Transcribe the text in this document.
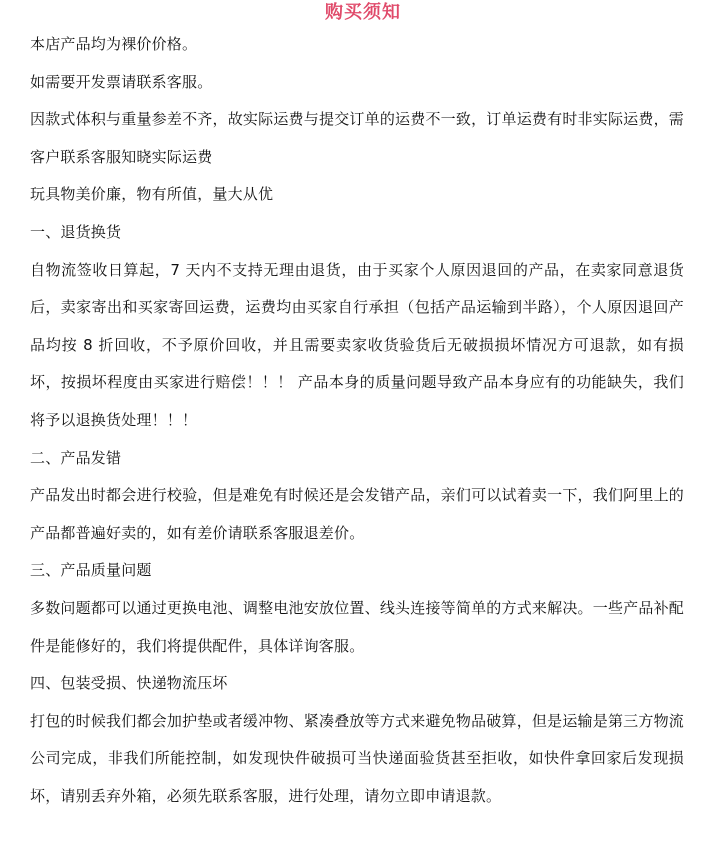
购买须知

本店产品均为裸价价格。

如需要开发票请联系客服。

因款式体积与重量参差不齐，故实际运费与提交订单的运费不一致，订单运费有时非实际运费，需客户联系客服知晓实际运费

玩具物美价廉，物有所值，量大从优

一、退货换货

自物流签收日算起，7 天内不支持无理由退货，由于买家个人原因退回的产品，在卖家同意退货后，卖家寄出和买家寄回运费，运费均由买家自行承担（包括产品运输到半路），个人原因退回产品均按 8 折回收，不予原价回收，并且需要卖家收货验货后无破损损坏情况方可退款，如有损坏，按损坏程度由买家进行赔偿！！！ 产品本身的质量问题导致产品本身应有的功能缺失，我们将予以退换货处理！！！

二、产品发错

产品发出时都会进行校验，但是难免有时候还是会发错产品，亲们可以试着卖一下，我们阿里上的产品都普遍好卖的，如有差价请联系客服退差价。

三、产品质量问题

多数问题都可以通过更换电池、调整电池安放位置、线头连接等简单的方式来解决。一些产品补配件是能修好的，我们将提供配件，具体详询客服。

四、包装受损、快递物流压坏

打包的时候我们都会加护垫或者缓冲物、紧凑叠放等方式来避免物品破算，但是运输是第三方物流公司完成，非我们所能控制，如发现快件破损可当快递面验货甚至拒收，如快件拿回家后发现损坏，请别丢弃外箱，必须先联系客服，进行处理，请勿立即申请退款。
